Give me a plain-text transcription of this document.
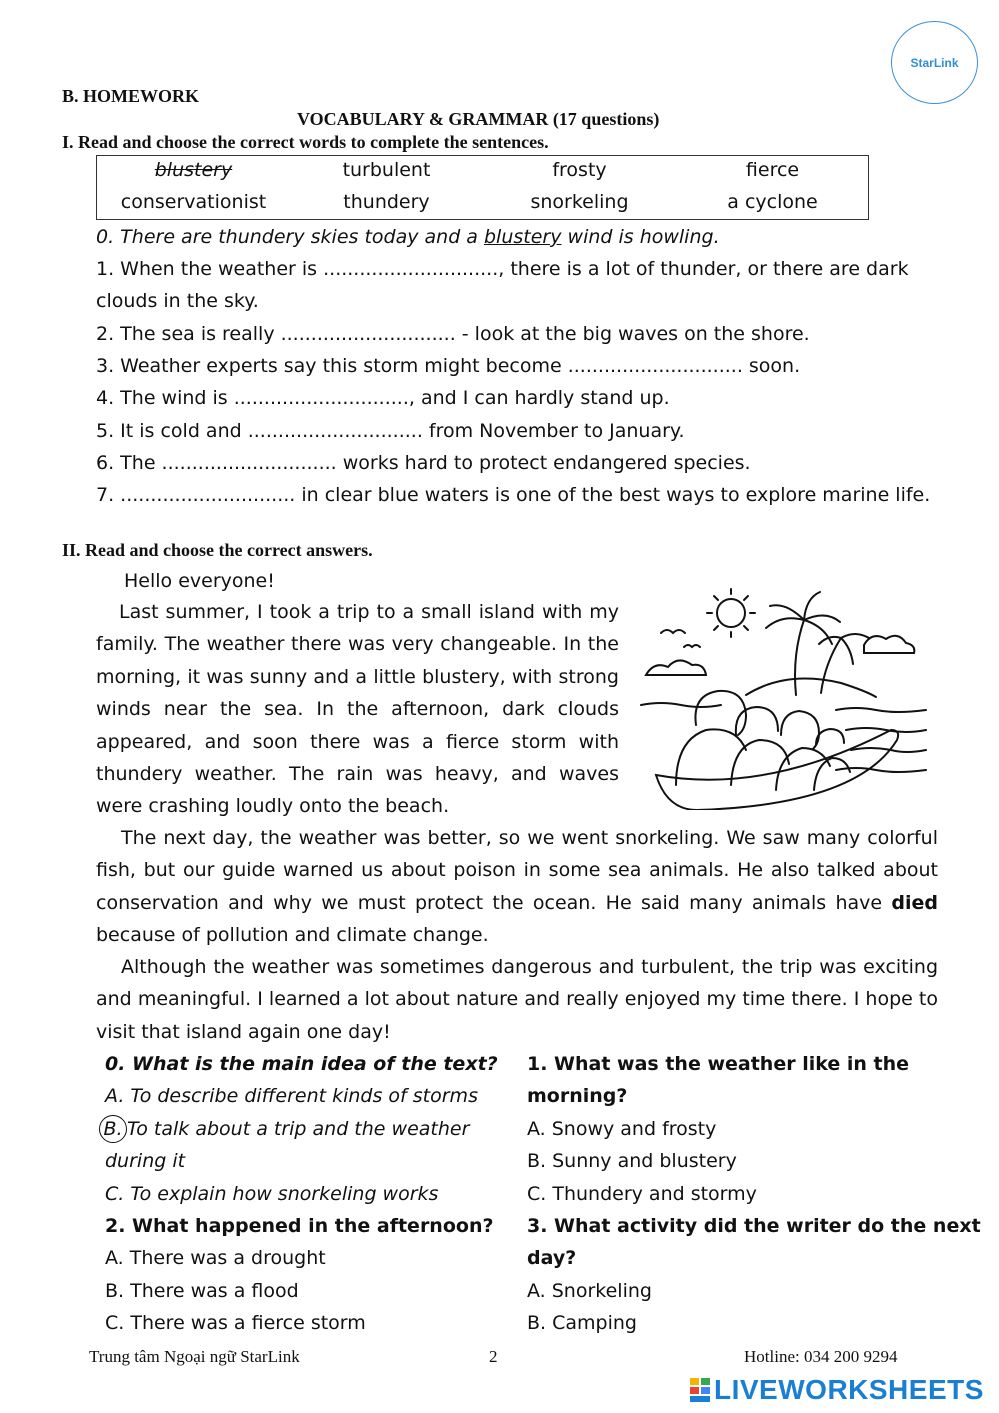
StarLink
B. HOMEWORK
VOCABULARY & GRAMMAR (17 questions)
I. Read and choose the correct words to complete the sentences.
blustery	turbulent	frosty	fierce
conservationist	thundery	snorkeling	a cyclone
0. There are thundery skies today and a blustery wind is howling.
1. When the weather is ............................., there is a lot of thunder, or there are dark
clouds in the sky.
2. The sea is really ............................. - look at the big waves on the shore.
3. Weather experts say this storm might become ............................. soon.
4. The wind is ............................., and I can hardly stand up.
5. It is cold and ............................. from November to January.
6. The ............................. works hard to protect endangered species.
7. ............................. in clear blue waters is one of the best ways to explore marine life.
II. Read and choose the correct answers.
Hello everyone!

Last summer, I took a trip to a small island with my family. The weather there was very changeable. In the morning, it was sunny and a little blustery, with strong winds near the sea. In the afternoon, dark clouds appeared, and soon there was a fierce storm with thundery weather. The rain was heavy, and waves were crashing loudly onto the beach.

The next day, the weather was better, so we went snorkeling. We saw many colorful fish, but our guide warned us about poison in some sea animals. He also talked about conservation and why we must protect the ocean. He said many animals have died because of pollution and climate change.

Although the weather was sometimes dangerous and turbulent, the trip was exciting and meaningful. I learned a lot about nature and really enjoyed my time there. I hope to visit that island again one day!

0. What is the main idea of the text?
A. To describe different kinds of storms
B. To talk about a trip and the weather
during it
C. To explain how snorkeling works
1. What was the weather like in the
morning?
A. Snowy and frosty
B. Sunny and blustery
C. Thundery and stormy
2. What happened in the afternoon?
A. There was a drought
B. There was a flood
C. There was a fierce storm
3. What activity did the writer do the next
day?
A. Snorkeling
B. Camping
Trung tâm Ngoại ngữ StarLink	2	Hotline: 034 200 9294
LIVEWORKSHEETS
